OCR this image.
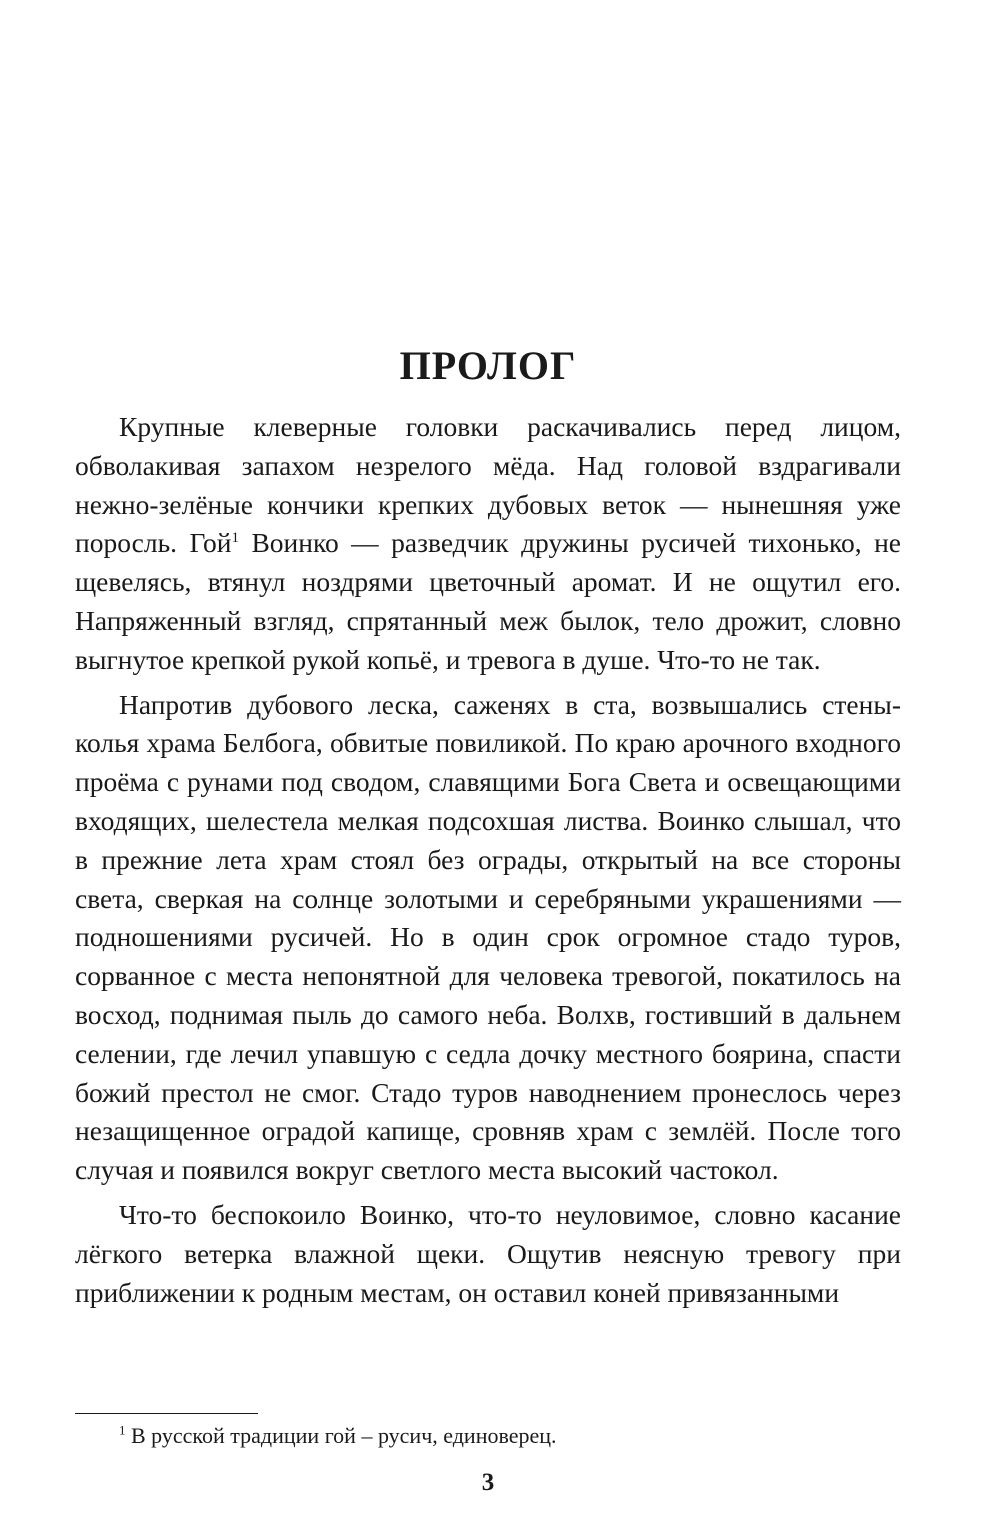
ПРОЛОГ

Крупные клеверные головки раскачивались перед лицом, обволакивая запахом незрелого мёда. Над головой вздрагивали нежно-зелёные кончики крепких дубовых веток — нынешняя уже поросль. Гой$^1$ Воинко — разведчик дружины русичей тихонько, не щевелясь, втянул ноздрями цветочный аромат. И не ощутил его. Напряженный взгляд, спрятанный меж былок, тело дрожит, словно выгнутое крепкой рукой копьё, и тревога в душе. Что-то не так.

Напротив дубового леска, саженях в ста, возвышались стены-колья храма Белбога, обвитые повиликой. По краю арочного входного проёма с рунами под сводом, славящими Бога Света и освещающими входящих, шелестела мелкая подсохшая листва. Воинко слышал, что в прежние лета храм стоял без ограды, открытый на все стороны света, сверкая на солнце золотыми и серебряными украшениями — подношениями русичей. Но в один срок огромное стадо туров, сорванное с места непонятной для человека тревогой, покатилось на восход, поднимая пыль до самого неба. Волхв, гостивший в дальнем селении, где лечил упавшую с седла дочку местного боярина, спасти божий престол не смог. Стадо туров наводнением пронеслось через незащищенное оградой капище, сровняв храм с землёй. После того случая и появился вокруг светлого места высокий частокол.

Что-то беспокоило Воинко, что-то неуловимое, словно касание лёгкого ветерка влажной щеки. Ощутив неясную тревогу при приближении к родным местам, он оставил коней привязанными

$^1$ В русской традиции гой – русич, единоверец.

3
